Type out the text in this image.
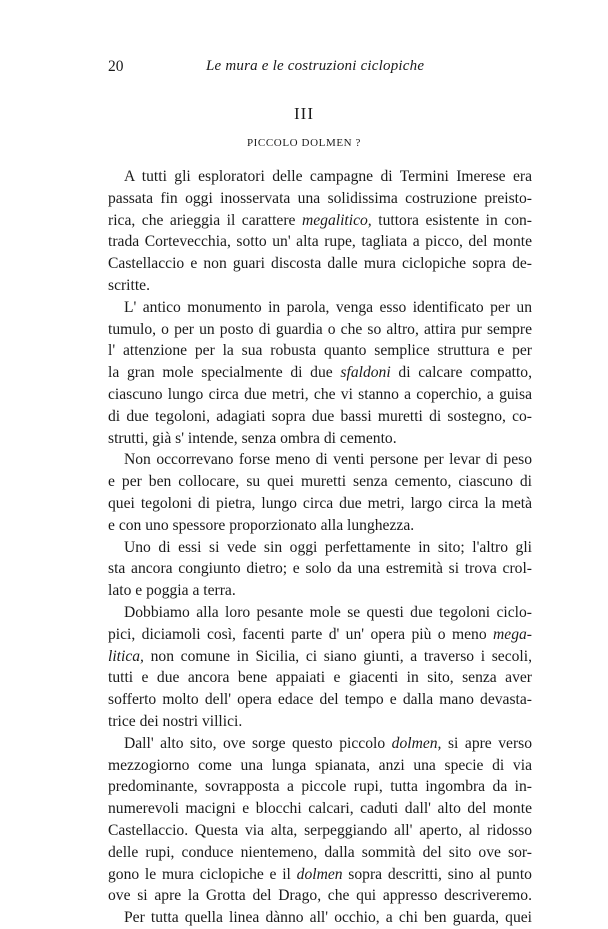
20	Le mura e le costruzioni ciclopiche
III
PICCOLO DOLMEN ?
A tutti gli esploratori delle campagne di Termini Imerese era
passata fin oggi inosservata una solidissima costruzione preisto-
rica, che arieggia il carattere megalitico, tuttora esistente in con-
trada Cortevecchia, sotto un' alta rupe, tagliata a picco, del monte
Castellaccio e non guari discosta dalle mura ciclopiche sopra de-
scritte.
L' antico monumento in parola, venga esso identificato per un
tumulo, o per un posto di guardia o che so altro, attira pur sempre
l' attenzione per la sua robusta quanto semplice struttura e per
la gran mole specialmente di due sfaldoni di calcare compatto,
ciascuno lungo circa due metri, che vi stanno a coperchio, a guisa
di due tegoloni, adagiati sopra due bassi muretti di sostegno, co-
strutti, già s' intende, senza ombra di cemento.
Non occorrevano forse meno di venti persone per levar di peso
e per ben collocare, su quei muretti senza cemento, ciascuno di
quei tegoloni di pietra, lungo circa due metri, largo circa la metà
e con uno spessore proporzionato alla lunghezza.
Uno di essi si vede sin oggi perfettamente in sito; l'altro gli
sta ancora congiunto dietro; e solo da una estremità si trova crol-
lato e poggia a terra.
Dobbiamo alla loro pesante mole se questi due tegoloni ciclo-
pici, diciamoli così, facenti parte d' un' opera più o meno mega-
litica, non comune in Sicilia, ci siano giunti, a traverso i secoli,
tutti e due ancora bene appaiati e giacenti in sito, senza aver
sofferto molto dell' opera edace del tempo e dalla mano devasta-
trice dei nostri villici.
Dall' alto sito, ove sorge questo piccolo dolmen, si apre verso
mezzogiorno come una lunga spianata, anzi una specie di via
predominante, sovrapposta a piccole rupi, tutta ingombra da in-
numerevoli macigni e blocchi calcari, caduti dall' alto del monte
Castellaccio. Questa via alta, serpeggiando all' aperto, al ridosso
delle rupi, conduce nientemeno, dalla sommità del sito ove sor-
gono le mura ciclopiche e il dolmen sopra descritti, sino al punto
ove si apre la Grotta del Drago, che qui appresso descriveremo.
Per tutta quella linea dànno all' occhio, a chi ben guarda, quei
